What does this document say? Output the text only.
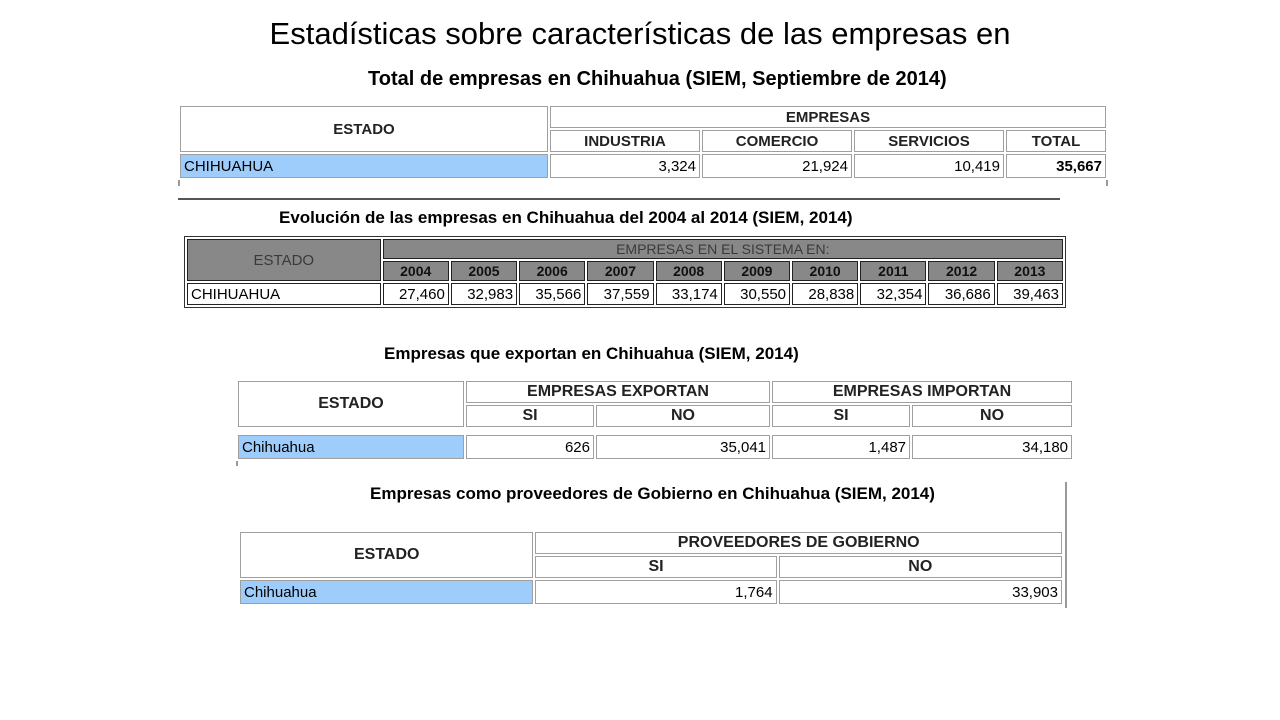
Estadísticas sobre características de las empresas en
Total de empresas en Chihuahua (SIEM, Septiembre de 2014)
ESTADO	EMPRESAS			
	INDUSTRIA	COMERCIO	SERVICIOS	TOTAL
CHIHUAHUA	3,324	21,924	10,419	35,667
Evolución de las empresas en Chihuahua del 2004 al 2014 (SIEM, 2014)
ESTADO	EMPRESAS EN EL SISTEMA EN:									
	2004	2005	2006	2007	2008	2009	2010	2011	2012	2013
CHIHUAHUA	27,460	32,983	35,566	37,559	33,174	30,550	28,838	32,354	36,686	39,463
Empresas que exportan en Chihuahua (SIEM, 2014)
ESTADO	EMPRESAS EXPORTAN		EMPRESAS IMPORTAN	
	SI	NO	SI	NO

Chihuahua	626	35,041	1,487	34,180
Empresas como proveedores de Gobierno en Chihuahua (SIEM, 2014)
ESTADO	PROVEEDORES DE GOBIERNO	
	SI	NO
Chihuahua	1,764	33,903
